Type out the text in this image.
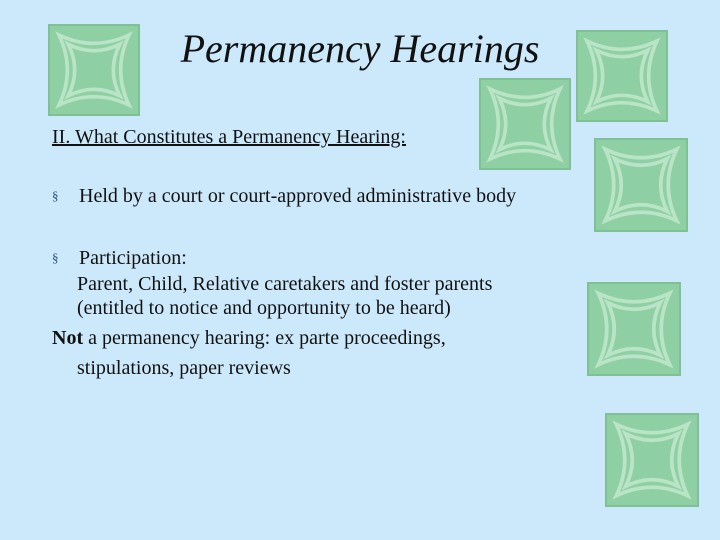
Permanency Hearings
II. What Constitutes a Permanency Hearing:
§	Held by a court or court-approved administrative body
§	Participation:
Parent, Child, Relative caretakers and foster parents
(entitled to notice and opportunity to be heard)
Not a permanency hearing: ex parte proceedings,
stipulations, paper reviews
